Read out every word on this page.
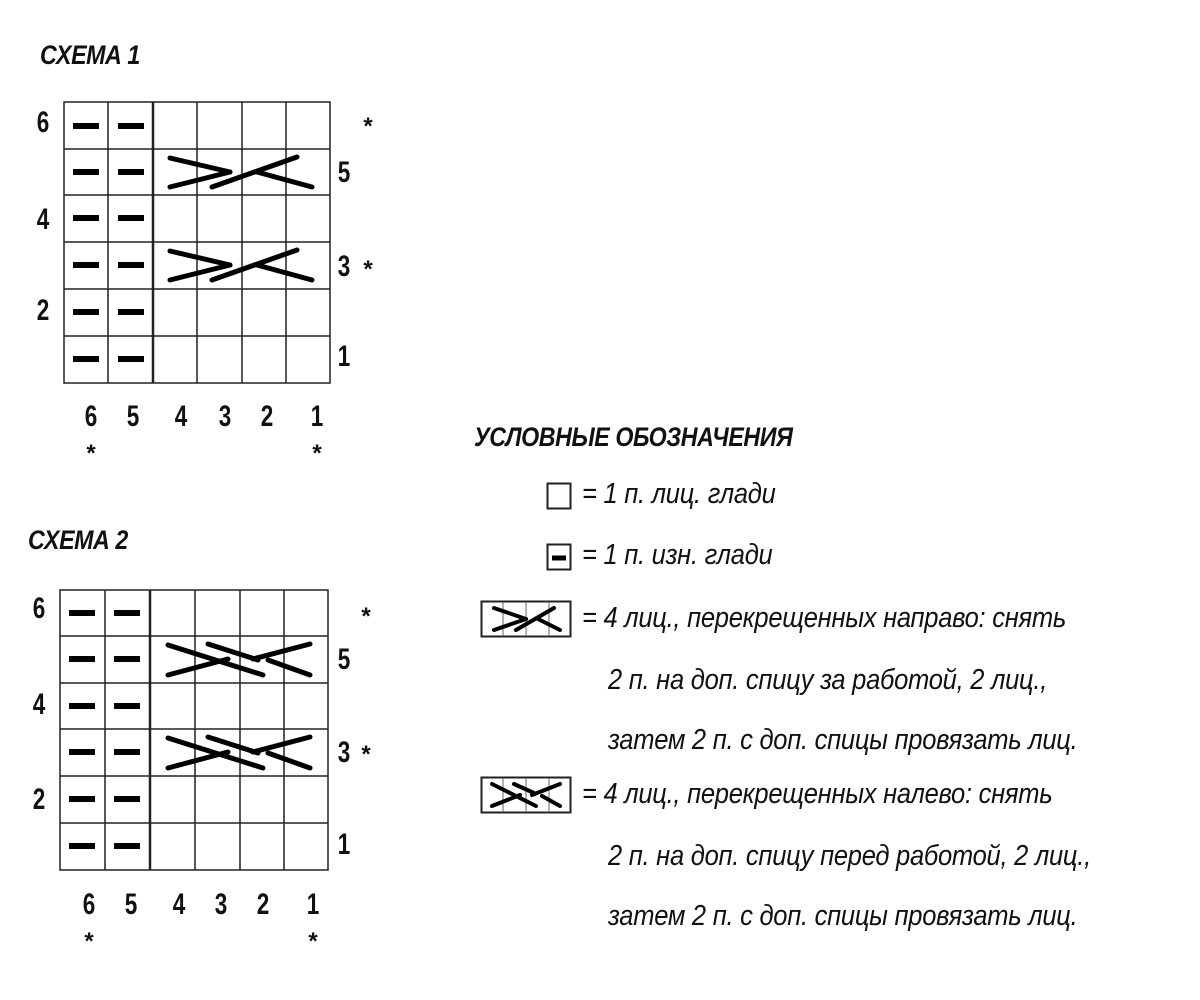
СХЕМА 1
6
4
2
5
3
1
*
*
6 5 4 3 2 1
*	*
СХЕМА 2
6
4
2
5
3
1
*
*
6 5 4 3 2 1
*	*
УСЛОВНЫЕ ОБОЗНАЧЕНИЯ
= 1 п. лиц. глади
= 1 п. изн. глади
= 4 лиц., перекрещенных направо: снять
2 п. на доп. спицу за работой, 2 лиц.,
затем 2 п. с доп. спицы провязать лиц.
= 4 лиц., перекрещенных налево: снять
2 п. на доп. спицу перед работой, 2 лиц.,
затем 2 п. с доп. спицы провязать лиц.
